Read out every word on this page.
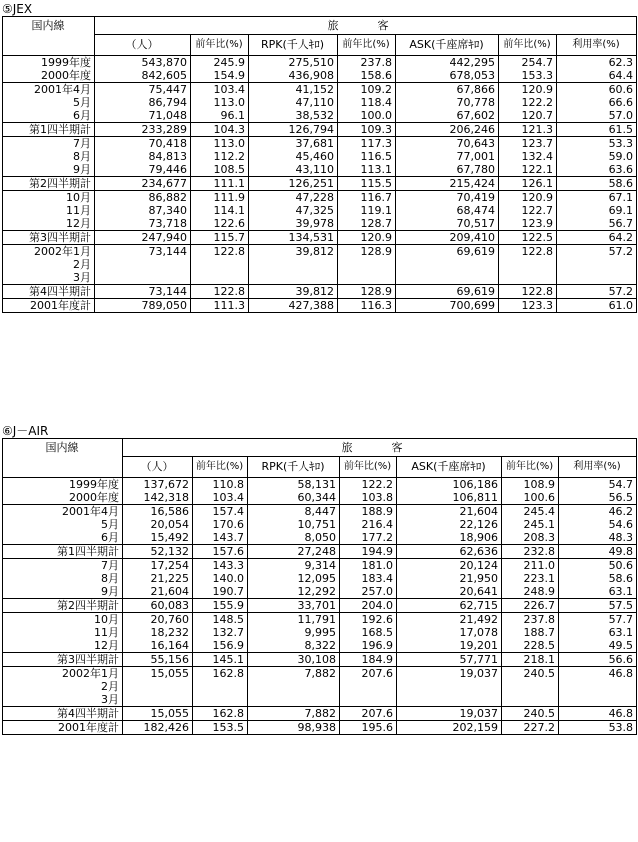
⑤JEX
国内線	旅　客						
	（人）	前年比(%)	RPK(千人ｷﾛ)	前年比(%)	ASK(千座席ｷﾛ)	前年比(%)	利用率(%)
1999年度	543,870	245.9	275,510	237.8	442,295	254.7	62.3
2000年度	842,605	154.9	436,908	158.6	678,053	153.3	64.4
2001年4月	75,447	103.4	41,152	109.2	67,866	120.9	60.6
5月	86,794	113.0	47,110	118.4	70,778	122.2	66.6
6月	71,048	96.1	38,532	100.0	67,602	120.7	57.0
第1四半期計	233,289	104.3	126,794	109.3	206,246	121.3	61.5
7月	70,418	113.0	37,681	117.3	70,643	123.7	53.3
8月	84,813	112.2	45,460	116.5	77,001	132.4	59.0
9月	79,446	108.5	43,110	113.1	67,780	122.1	63.6
第2四半期計	234,677	111.1	126,251	115.5	215,424	126.1	58.6
10月	86,882	111.9	47,228	116.7	70,419	120.9	67.1
11月	87,340	114.1	47,325	119.1	68,474	122.7	69.1
12月	73,718	122.6	39,978	128.7	70,517	123.9	56.7
第3四半期計	247,940	115.7	134,531	120.9	209,410	122.5	64.2
2002年1月	73,144	122.8	39,812	128.9	69,619	122.8	57.2
2月							
3月							
第4四半期計	73,144	122.8	39,812	128.9	69,619	122.8	57.2
2001年度計	789,050	111.3	427,388	116.3	700,699	123.3	61.0
⑥J－AIR
国内線	旅　客						
	（人）	前年比(%)	RPK(千人ｷﾛ)	前年比(%)	ASK(千座席ｷﾛ)	前年比(%)	利用率(%)
1999年度	137,672	110.8	58,131	122.2	106,186	108.9	54.7
2000年度	142,318	103.4	60,344	103.8	106,811	100.6	56.5
2001年4月	16,586	157.4	8,447	188.9	21,604	245.4	46.2
5月	20,054	170.6	10,751	216.4	22,126	245.1	54.6
6月	15,492	143.7	8,050	177.2	18,906	208.3	48.3
第1四半期計	52,132	157.6	27,248	194.9	62,636	232.8	49.8
7月	17,254	143.3	9,314	181.0	20,124	211.0	50.6
8月	21,225	140.0	12,095	183.4	21,950	223.1	58.6
9月	21,604	190.7	12,292	257.0	20,641	248.9	63.1
第2四半期計	60,083	155.9	33,701	204.0	62,715	226.7	57.5
10月	20,760	148.5	11,791	192.6	21,492	237.8	57.7
11月	18,232	132.7	9,995	168.5	17,078	188.7	63.1
12月	16,164	156.9	8,322	196.9	19,201	228.5	49.5
第3四半期計	55,156	145.1	30,108	184.9	57,771	218.1	56.6
2002年1月	15,055	162.8	7,882	207.6	19,037	240.5	46.8
2月							
3月							
第4四半期計	15,055	162.8	7,882	207.6	19,037	240.5	46.8
2001年度計	182,426	153.5	98,938	195.6	202,159	227.2	53.8
